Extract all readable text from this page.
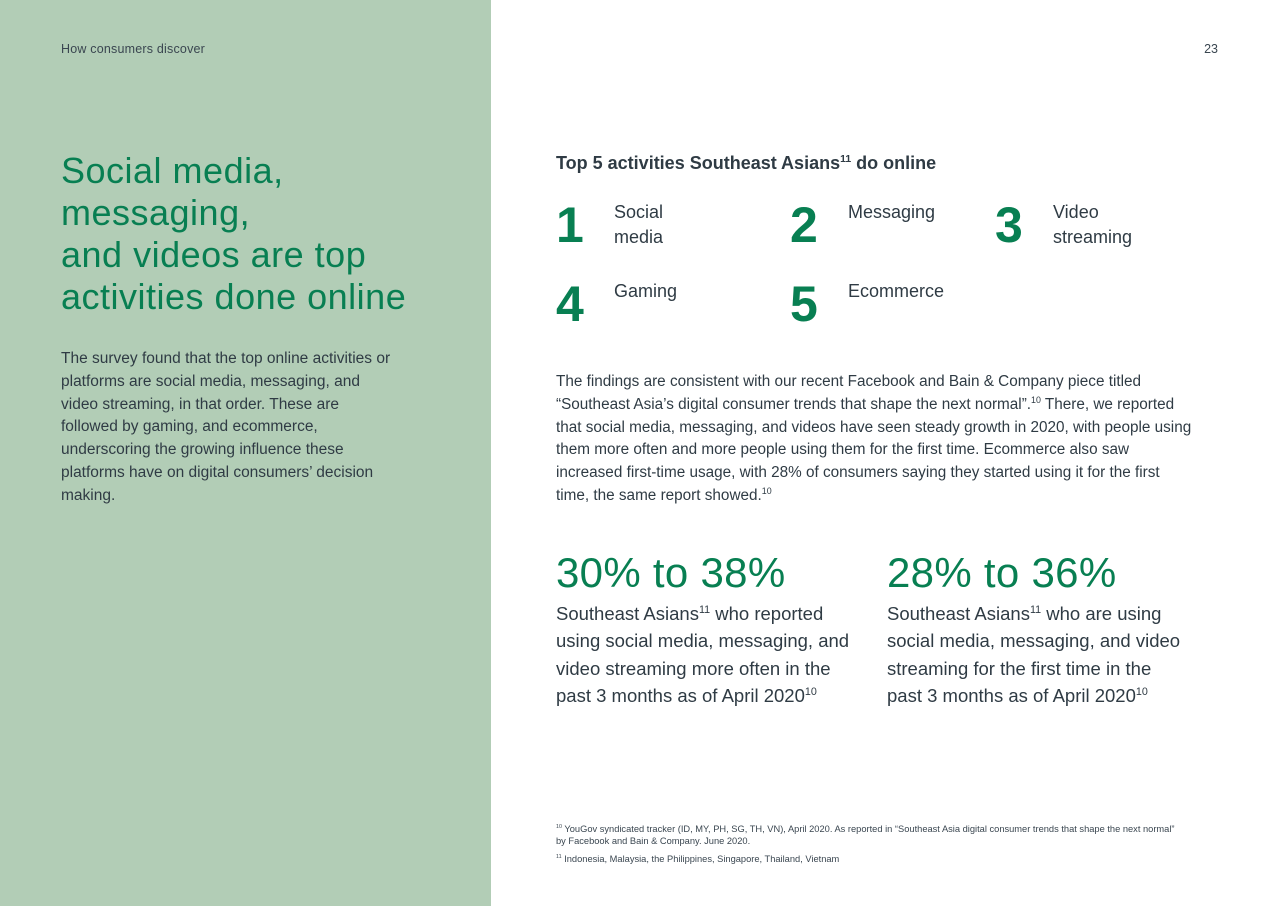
How consumers discover	23
Social media,
messaging,
and videos are top
activities done online

The survey found that the top online activities or platforms are social media, messaging, and video streaming, in that order. These are followed by gaming, and ecommerce, underscoring the growing influence these platforms have on digital consumers’ decision making.

Top 5 activities Southeast Asians$^{11}$ do online
1 Social media	2 Messaging 3 Video
streaming
4 Gaming 5 Ecommerce

The findings are consistent with our recent Facebook and Bain & Company piece titled “Southeast Asia’s digital consumer trends that shape the next normal”.$^{10}$ There, we reported that social media, messaging, and videos have seen steady growth in 2020, with people using them more often and more people using them for the first time. Ecommerce also saw increased first-time usage, with 28% of consumers saying they started using it for the first time, the same report showed.$^{10}$

30% to 38%

Southeast Asians$^{11}$ who reported using social media, messaging, and video streaming more often in the past 3 months as of April 2020$^{10}$

28% to 36%

Southeast Asians$^{11}$ who are using social media, messaging, and video streaming for the first time in the past 3 months as of April 2020$^{10}$

$^{10}$ YouGov syndicated tracker (ID, MY, PH, SG, TH, VN), April 2020. As reported in “Southeast Asia digital consumer trends that shape the next normal” by Facebook and Bain & Company. June 2020.

$^{11}$ Indonesia, Malaysia, the Philippines, Singapore, Thailand, Vietnam
